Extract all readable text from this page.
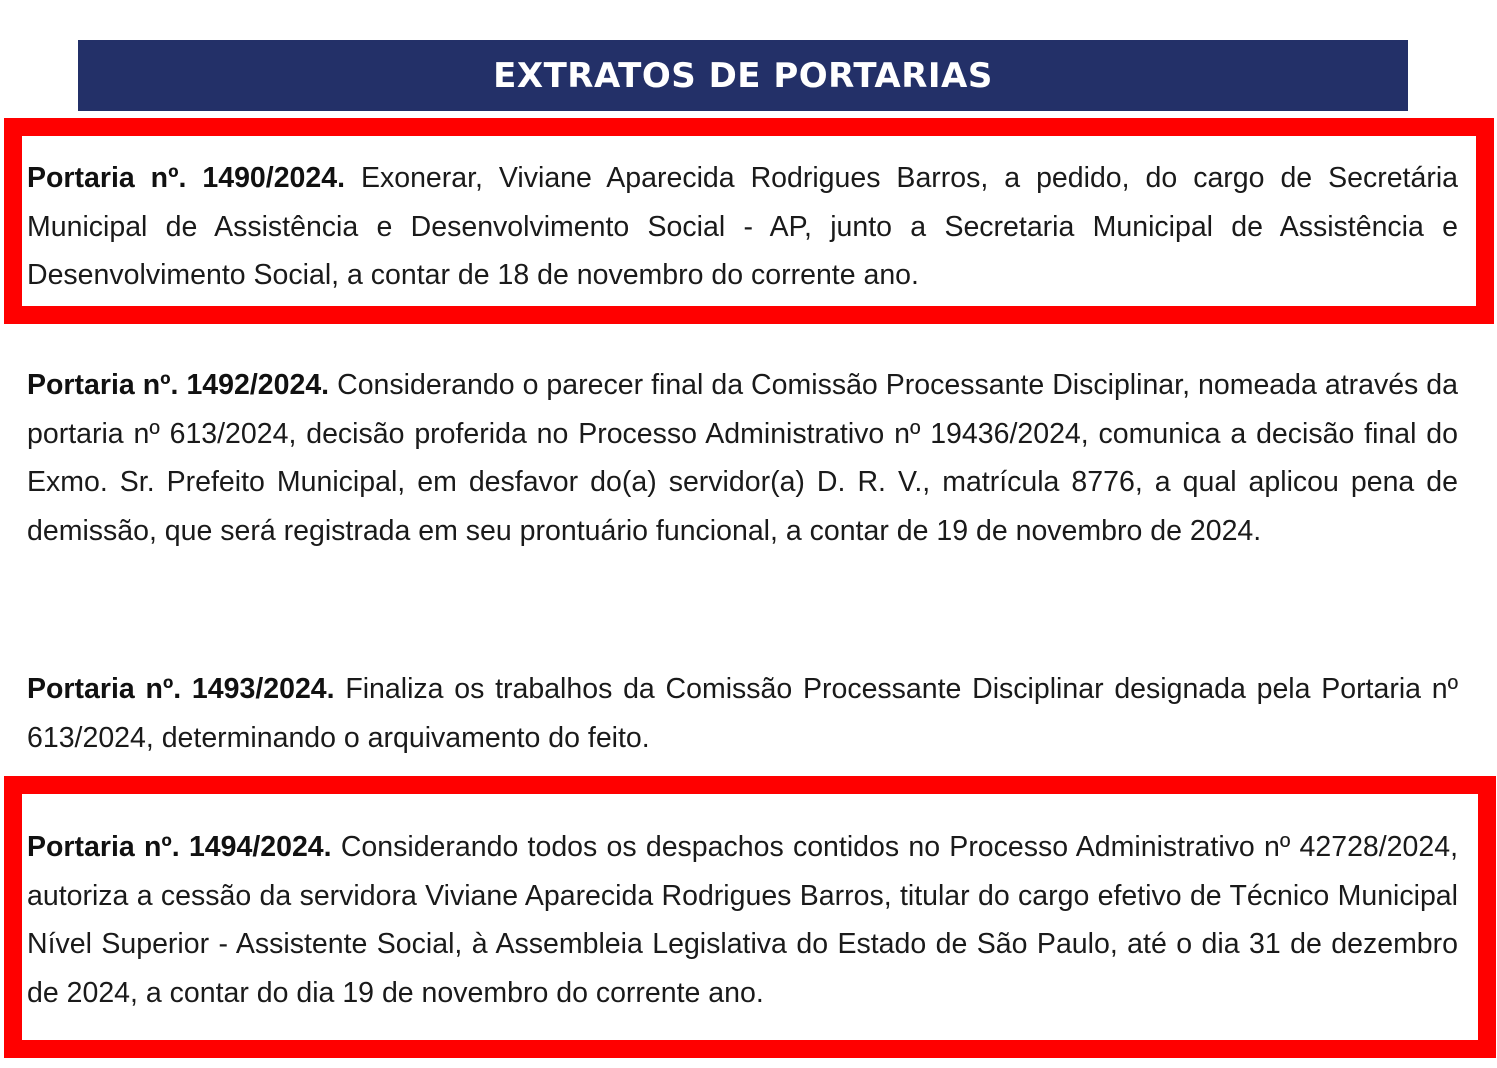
EXTRATOS DE PORTARIAS

Portaria nº. 1490/2024. Exonerar, Viviane Aparecida Rodrigues Barros, a pedido, do cargo de Secretária Municipal de Assistência e Desenvolvimento Social - AP, junto a Secretaria Municipal de Assistência e Desenvolvimento Social, a contar de 18 de novembro do corrente ano.

Portaria nº. 1492/2024. Considerando o parecer final da Comissão Processante Disciplinar, nomeada através da portaria nº 613/2024, decisão proferida no Processo Administrativo nº 19436/2024, comunica a decisão final do Exmo. Sr. Prefeito Municipal, em desfavor do(a) servidor(a) D. R. V., matrícula 8776, a qual aplicou pena de demissão, que será registrada em seu prontuário funcional, a contar de 19 de novembro de 2024.

Portaria nº. 1493/2024. Finaliza os trabalhos da Comissão Processante Disciplinar designada pela Portaria nº 613/2024, determinando o arquivamento do feito.

Portaria nº. 1494/2024. Considerando todos os despachos contidos no Processo Administrativo nº 42728/2024, autoriza a cessão da servidora Viviane Aparecida Rodrigues Barros, titular do cargo efetivo de Técnico Municipal Nível Superior - Assistente Social, à Assembleia Legislativa do Estado de São Paulo, até o dia 31 de dezembro de 2024, a contar do dia 19 de novembro do corrente ano.
